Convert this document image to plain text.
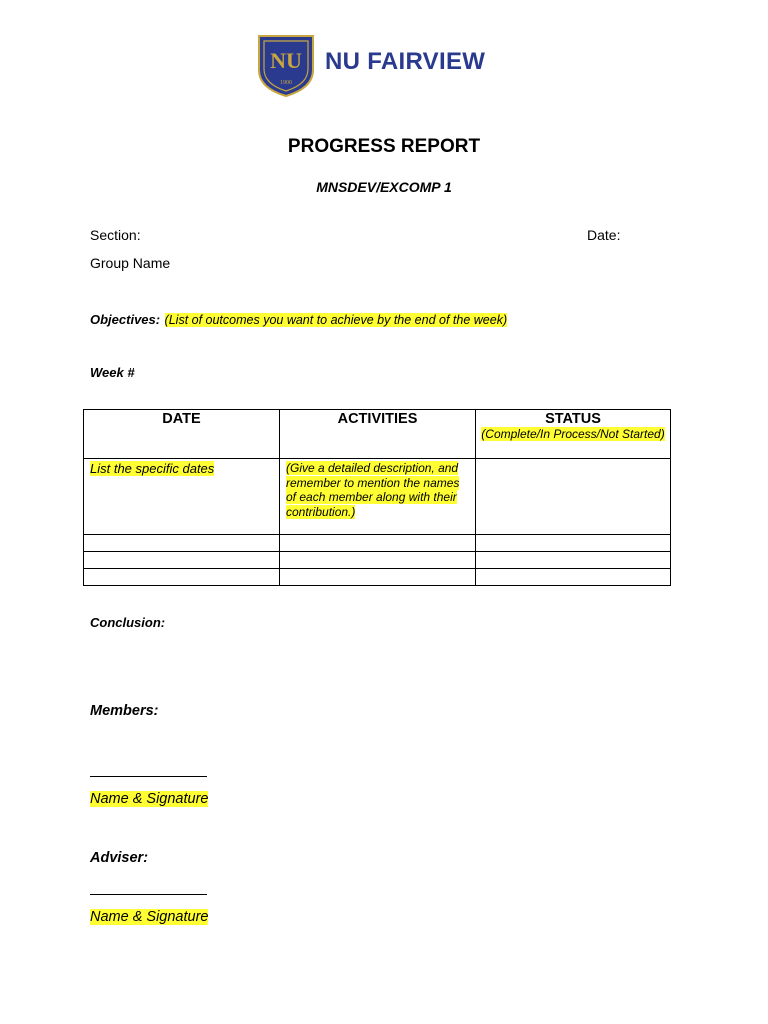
NU
1900
NU FAIRVIEW
PROGRESS REPORT
MNSDEV/EXCOMP 1
Section:	Date:
Group Name
Objectives: (List of outcomes you want to achieve by the end of the week)
Week #
DATE	ACTIVITIES	STATUS
(Complete/In Process/Not Started)

List the specific dates	(Give a detailed description, and remember to mention the names of each member along with their contribution.)	

Conclusion:
Members:
Name & Signature
Adviser:
Name & Signature
